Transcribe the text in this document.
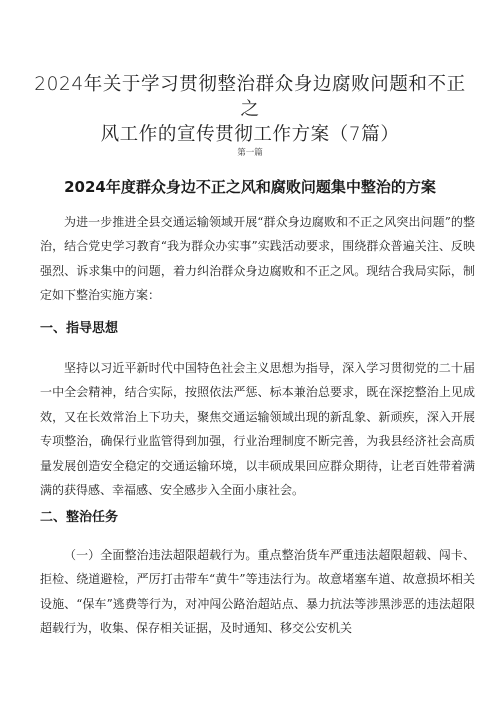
2024年关于学习贯彻整治群众身边腐败问题和不正之
风工作的宣传贯彻工作方案（7篇）
第一篇
2024年度群众身边不正之风和腐败问题集中整治的方案

为进一步推进全县交通运输领域开展“群众身边腐败和不正之风突出问题”的整治，结合党史学习教育“我为群众办实事”实践活动要求，围绕群众普遍关注、反映强烈、诉求集中的问题，着力纠治群众身边腐败和不正之风。现结合我局实际，制定如下整治实施方案：

一、指导思想

坚持以习近平新时代中国特色社会主义思想为指导，深入学习贯彻党的二十届一中全会精神，结合实际，按照依法严惩、标本兼治总要求，既在深挖整治上见成效，又在长效常治上下功夫，聚焦交通运输领域出现的新乱象、新顽疾，深入开展专项整治，确保行业监管得到加强，行业治理制度不断完善，为我县经济社会高质量发展创造安全稳定的交通运输环境，以丰硕成果回应群众期待，让老百姓带着满满的获得感、幸福感、安全感步入全面小康社会。

二、整治任务

（一）全面整治违法超限超载行为。重点整治货车严重违法超限超载、闯卡、拒检、绕道避检，严厉打击带车“黄牛”等违法行为。故意堵塞车道、故意损坏相关设施、“保车”逃费等行为，对冲闯公路治超站点、暴力抗法等涉黑涉恶的违法超限超载行为，收集、保存相关证据，及时通知、移交公安机关
